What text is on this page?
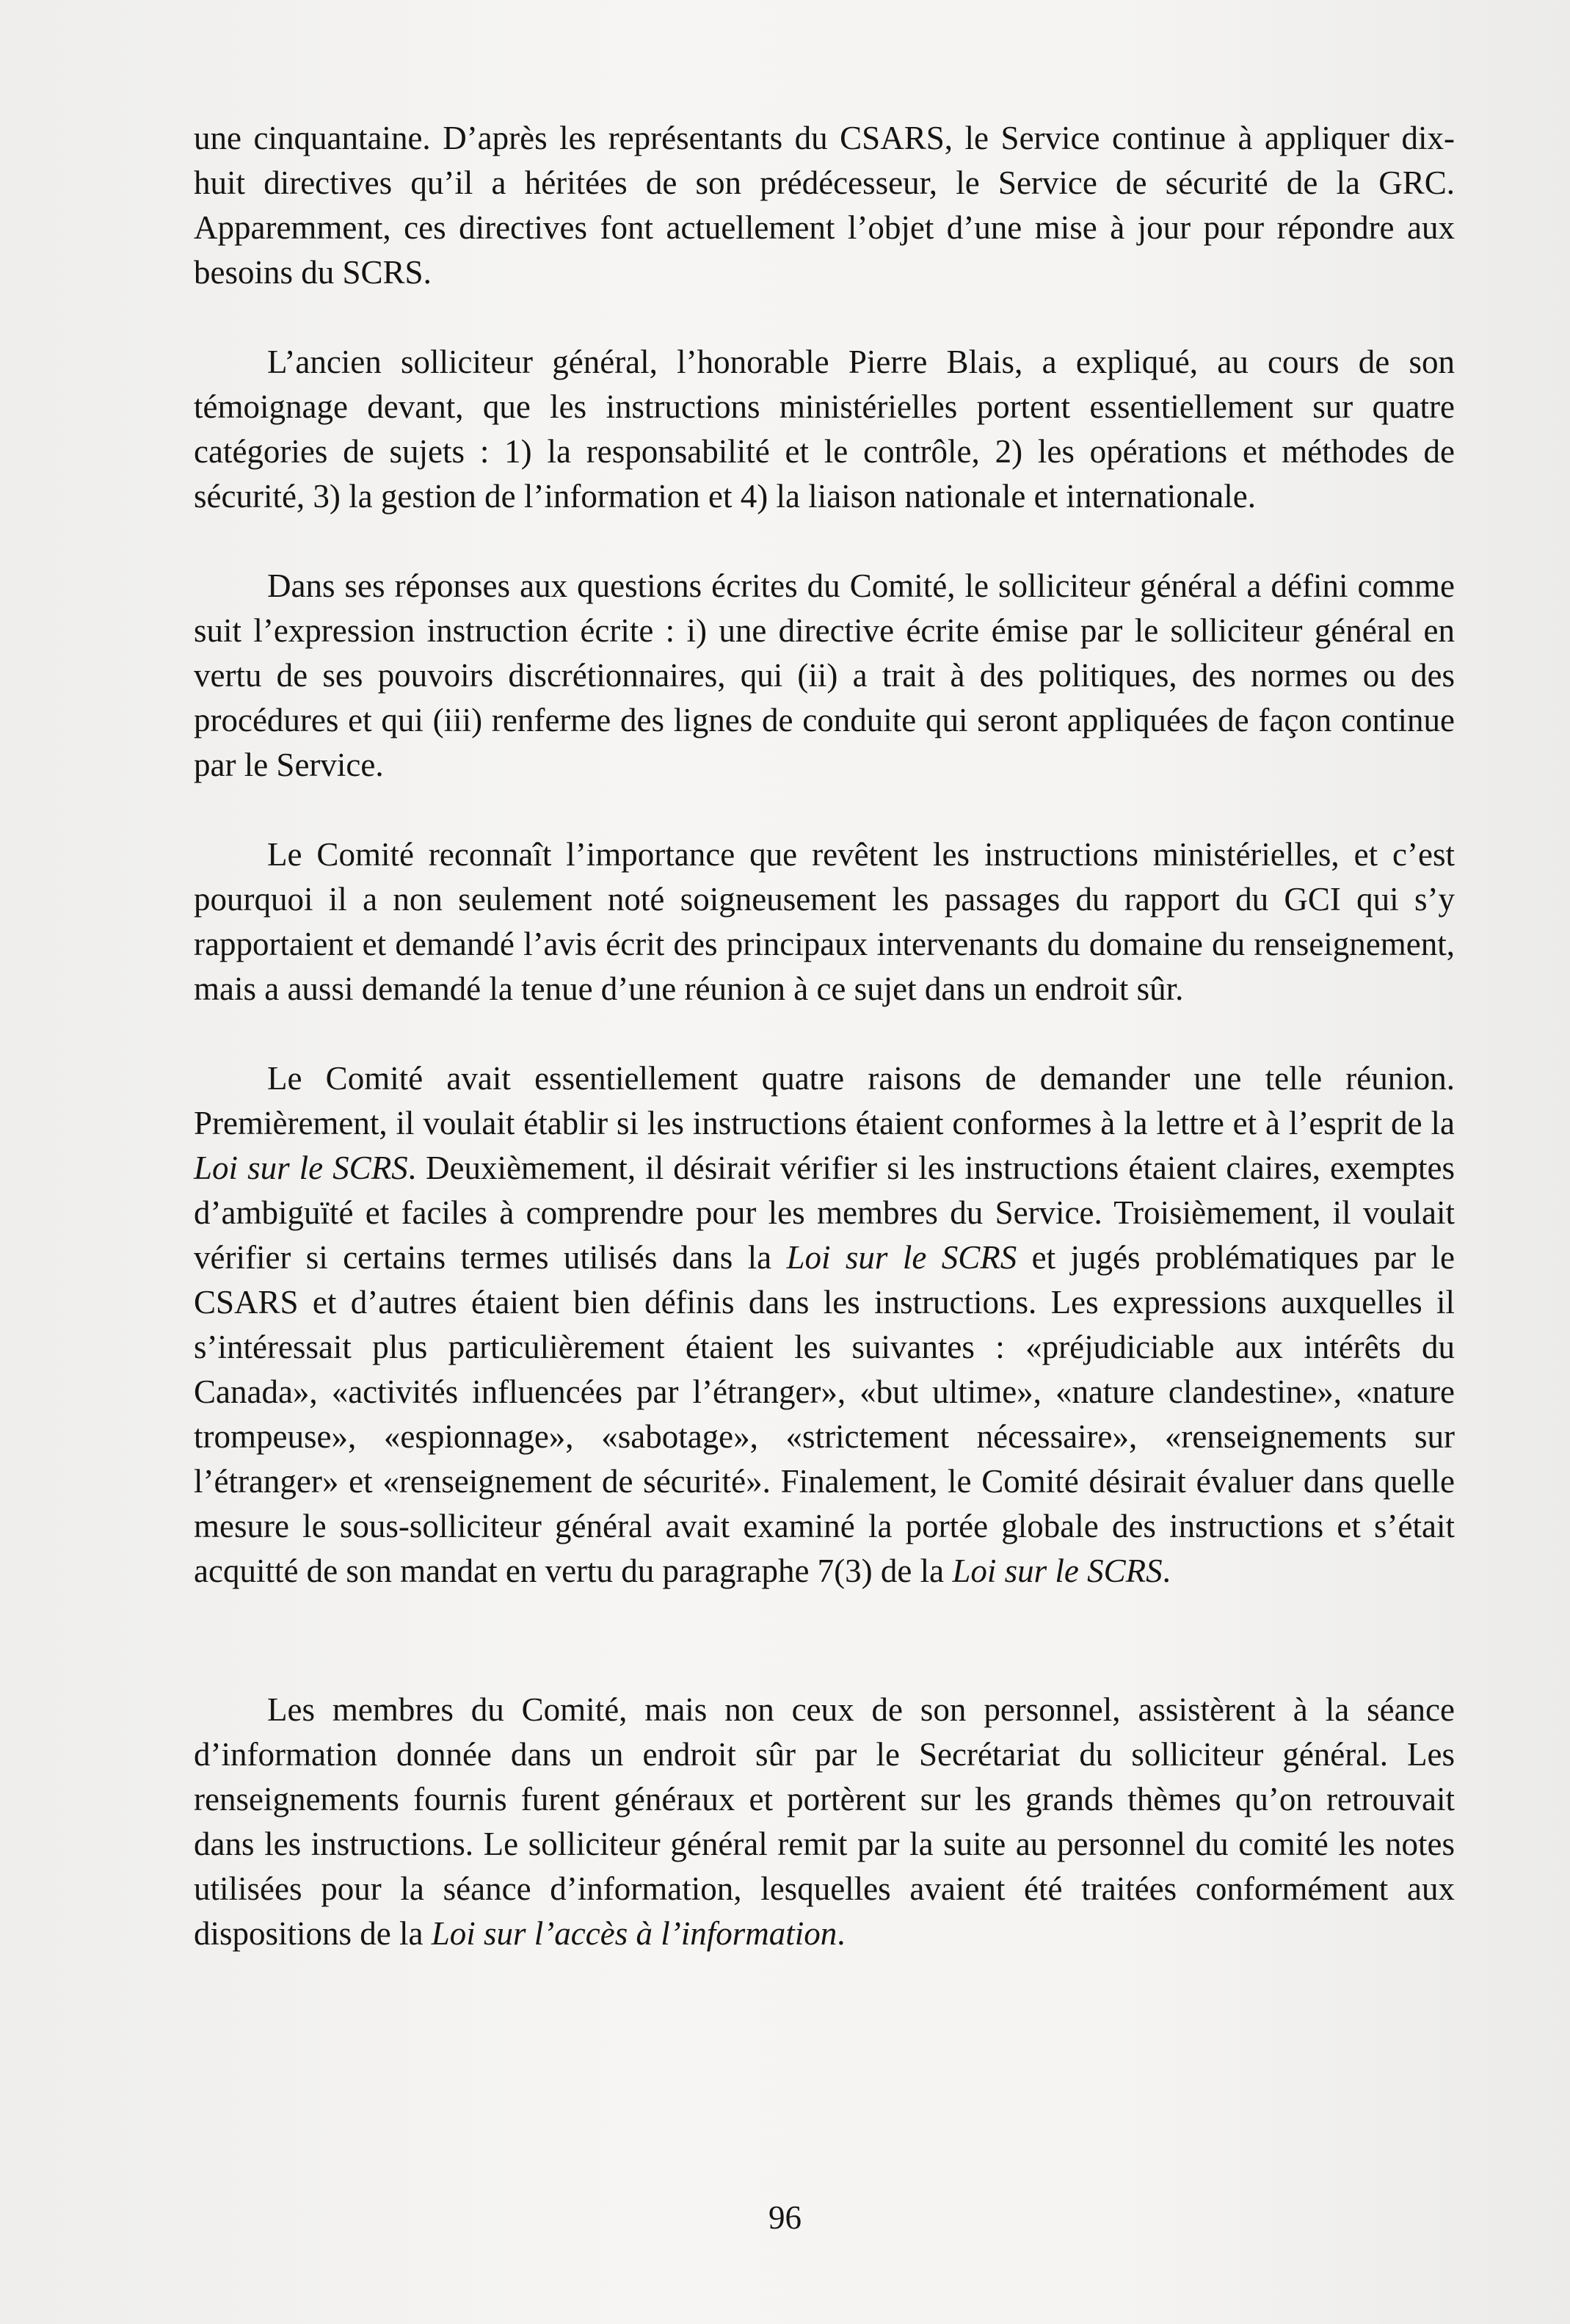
une cinquantaine. D’après les représentants du CSARS, le Service continue à appliquer dix-huit directives qu’il a héritées de son prédécesseur, le Service de sécurité de la GRC. Apparemment, ces directives font actuellement l’objet d’une mise à jour pour répondre aux besoins du SCRS.

L’ancien solliciteur général, l’honorable Pierre Blais, a expliqué, au cours de son témoignage devant, que les instructions ministérielles portent essentiellement sur quatre catégories de sujets : 1) la responsabilité et le contrôle, 2) les opérations et méthodes de sécurité, 3) la gestion de l’information et 4) la liaison nationale et internationale.

Dans ses réponses aux questions écrites du Comité, le solliciteur général a défini comme suit l’expression instruction écrite : i) une directive écrite émise par le solliciteur général en vertu de ses pouvoirs discrétionnaires, qui (ii) a trait à des politiques, des normes ou des procédures et qui (iii) renferme des lignes de conduite qui seront appliquées de façon continue par le Service.

Le Comité reconnaît l’importance que revêtent les instructions ministérielles, et c’est pourquoi il a non seulement noté soigneusement les passages du rapport du GCI qui s’y rapportaient et demandé l’avis écrit des principaux intervenants du domaine du renseignement, mais a aussi demandé la tenue d’une réunion à ce sujet dans un endroit sûr.

Le Comité avait essentiellement quatre raisons de demander une telle réunion. Premièrement, il voulait établir si les instructions étaient conformes à la lettre et à l’esprit de la Loi sur le SCRS. Deuxièmement, il désirait vérifier si les instructions étaient claires, exemptes d’ambiguïté et faciles à comprendre pour les membres du Service. Troisièmement, il voulait vérifier si certains termes utilisés dans la Loi sur le SCRS et jugés problématiques par le CSARS et d’autres étaient bien définis dans les instructions. Les expressions auxquelles il s’intéressait plus particulièrement étaient les suivantes : «préjudiciable aux intérêts du Canada», «activités influencées par l’étranger», «but ultime», «nature clandestine», «nature trompeuse», «espionnage», «sabotage», «strictement nécessaire», «renseignements sur l’étranger» et «renseignement de sécurité». Finalement, le Comité désirait évaluer dans quelle mesure le sous-solliciteur général avait examiné la portée globale des instructions et s’était acquitté de son mandat en vertu du paragraphe 7(3) de la Loi sur le SCRS.

Les membres du Comité, mais non ceux de son personnel, assistèrent à la séance d’information donnée dans un endroit sûr par le Secrétariat du solliciteur général. Les renseignements fournis furent généraux et portèrent sur les grands thèmes qu’on retrouvait dans les instructions. Le solliciteur général remit par la suite au personnel du comité les notes utilisées pour la séance d’information, lesquelles avaient été traitées conformément aux dispositions de la Loi sur l’accès à l’information.

96
